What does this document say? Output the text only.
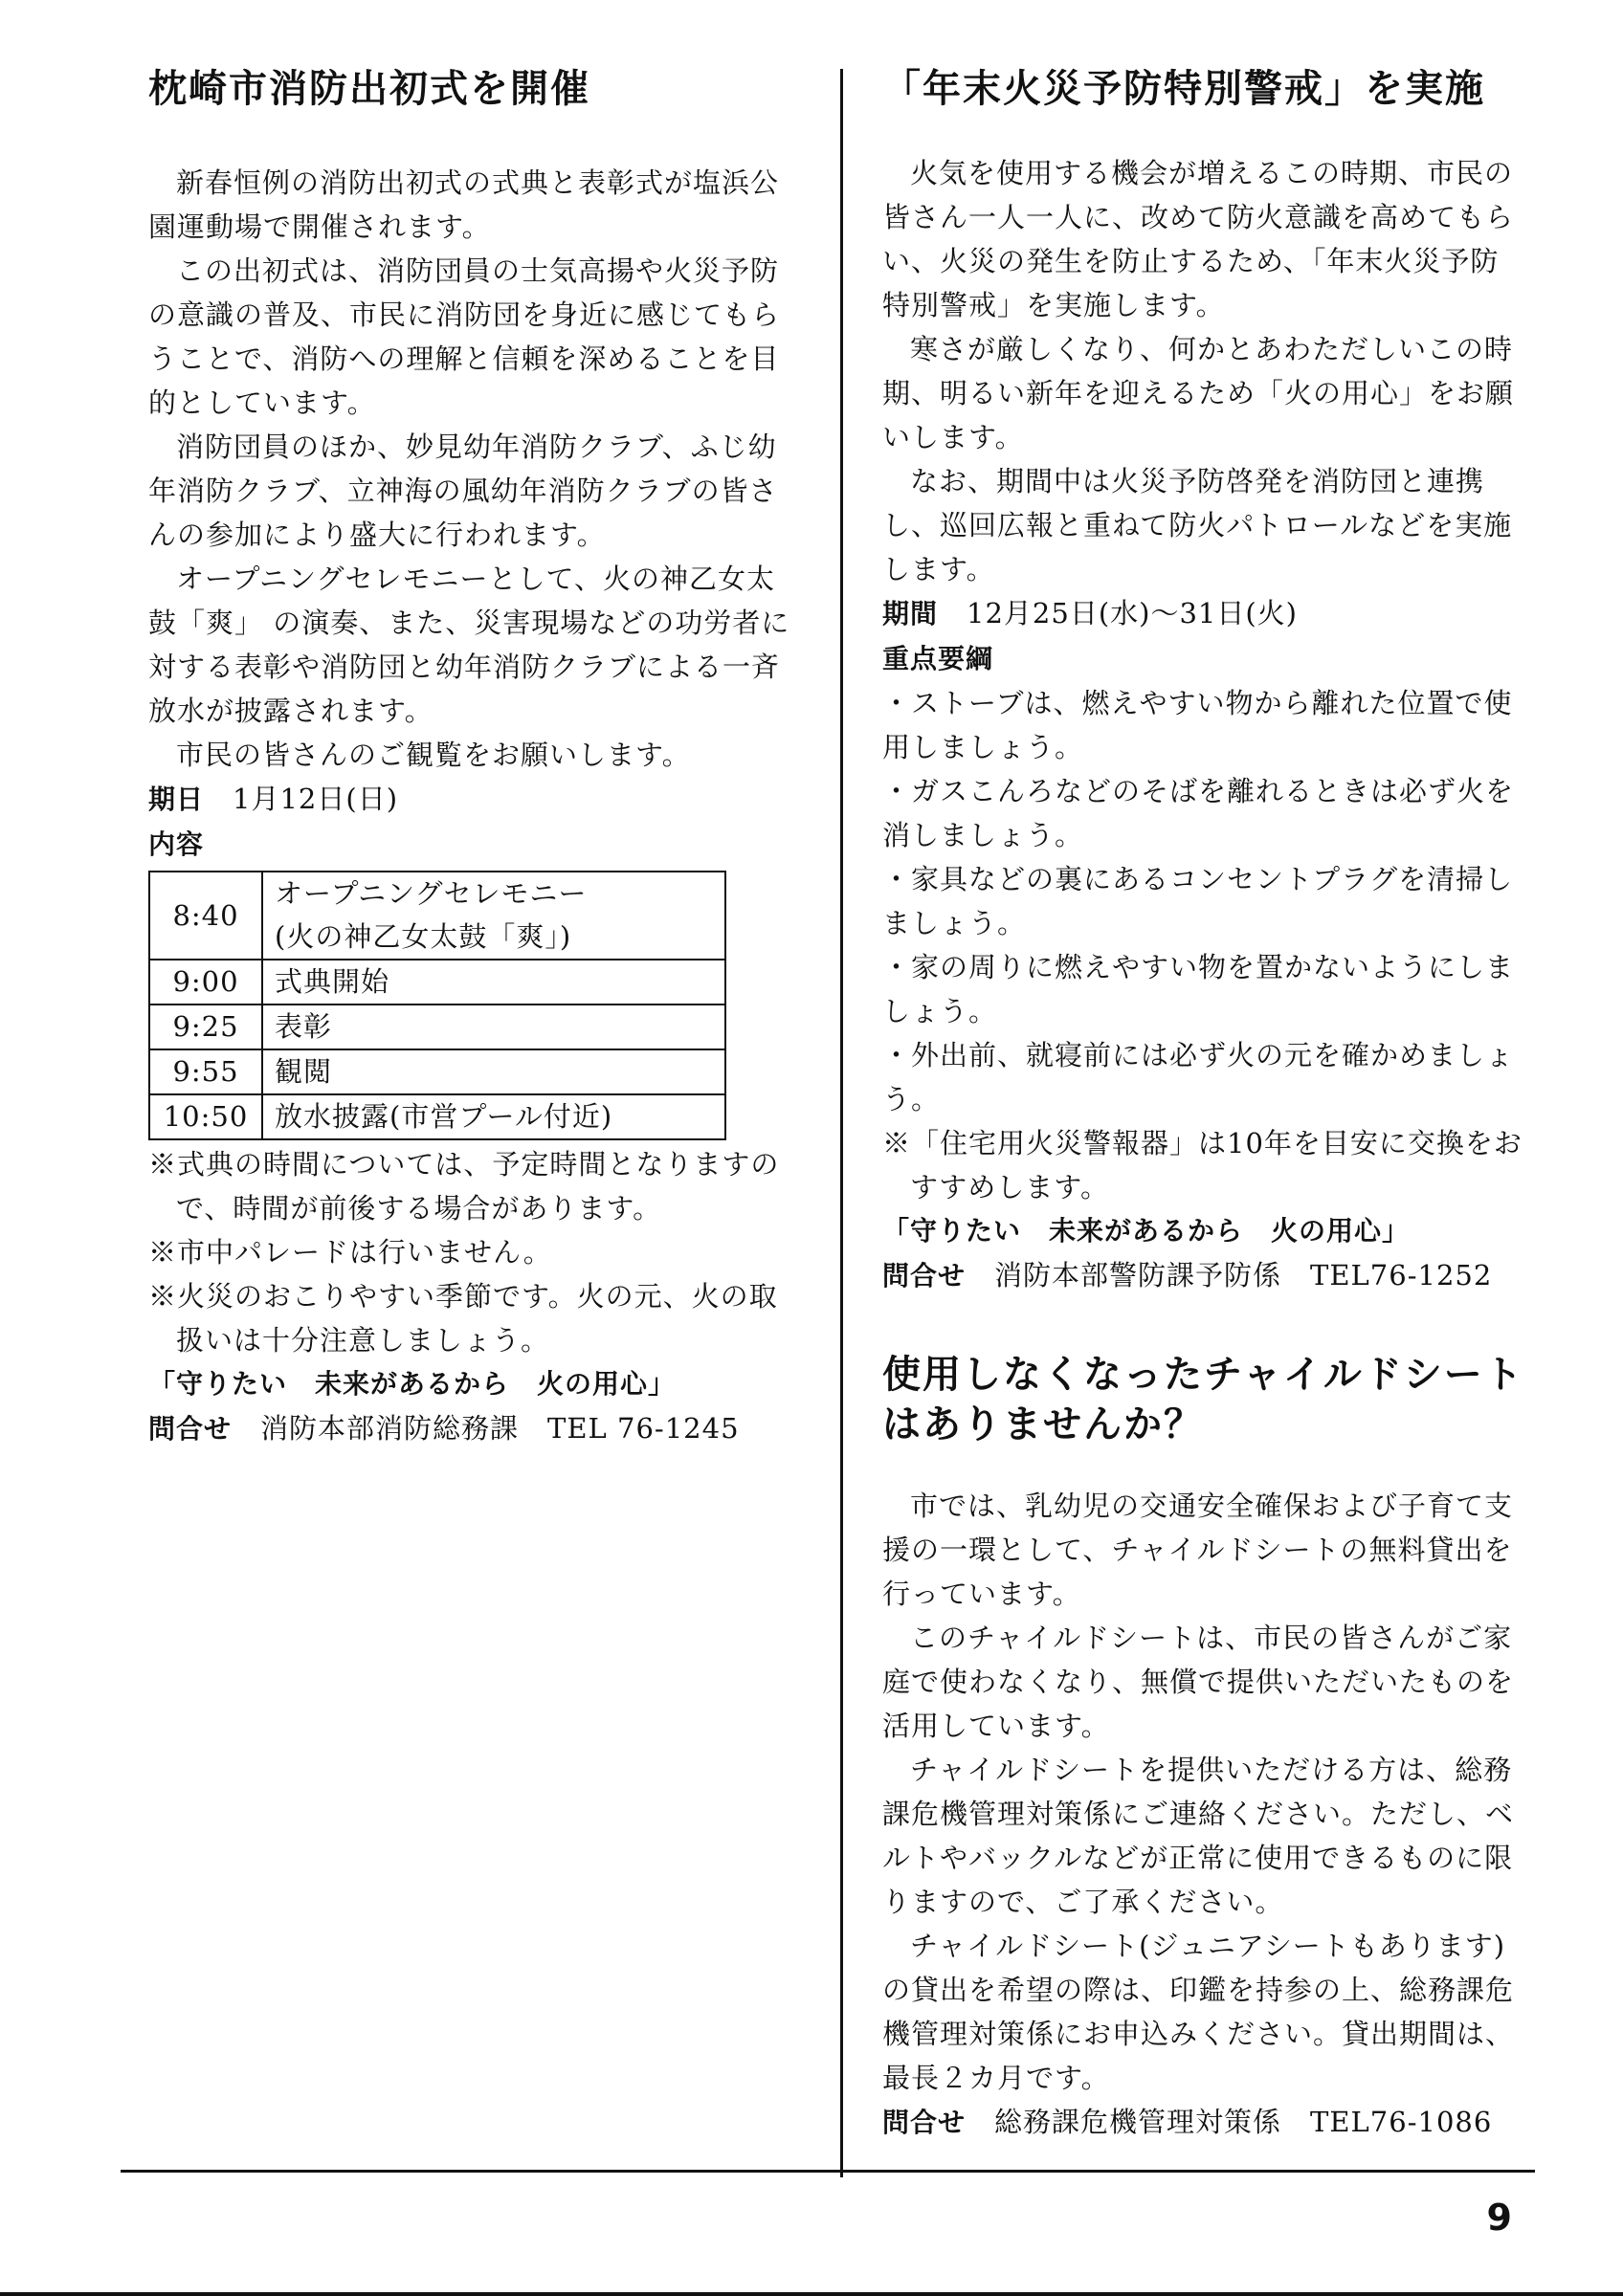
枕崎市消防出初式を開催

新春恒例の消防出初式の式典と表彰式が塩浜公園運動場で開催されます。

この出初式は、消防団員の士気高揚や火災予防の意識の普及、市民に消防団を身近に感じてもらうことで、消防への理解と信頼を深めることを目的としています。

消防団員のほか、妙見幼年消防クラブ、ふじ幼年消防クラブ、立神海の風幼年消防クラブの皆さんの参加により盛大に行われます。

オープニングセレモニーとして、火の神乙女太鼓「爽」 の演奏、また、災害現場などの功労者に対する表彰や消防団と幼年消防クラブによる一斉放水が披露されます。

市民の皆さんのご観覧をお願いします。

期日　 1月12日(日)

内容

8:40	オープニングセレモニー
(火の神乙女太鼓「爽」)

9:00	式典開始
9:25	表彰
9:55	観閲
10:50	放水披露(市営プール付近)

※式典の時間については、予定時間となりますので、時間が前後する場合があります。

※市中パレードは行いません。

※火災のおこりやすい季節です。火の元、火の取扱いは十分注意しましょう。

「守りたい　未来があるから　火の用心」

問合せ　 消防本部消防総務課　TEL 76-1245

「年末火災予防特別警戒」を実施

火気を使用する機会が増えるこの時期、市民の皆さん一人一人に、改めて防火意識を高めてもらい、火災の発生を防止するため、「年末火災予防特別警戒」を実施します。

寒さが厳しくなり、何かとあわただしいこの時期、明るい新年を迎えるため「火の用心」をお願いします。

なお、期間中は火災予防啓発を消防団と連携し、巡回広報と重ねて防火パトロールなどを実施します。

期間　 12月25日(水)～31日(火)

重点要綱

・ストーブは、燃えやすい物から離れた位置で使用しましょう。

・ガスこんろなどのそばを離れるときは必ず火を消しましょう。

・家具などの裏にあるコンセントプラグを清掃しましょう。

・家の周りに燃えやすい物を置かないようにしましょう。

・外出前、就寝前には必ず火の元を確かめましょう。

※「住宅用火災警報器」は10年を目安に交換をおすすめします。

「守りたい　未来があるから　火の用心」

問合せ　 消防本部警防課予防係　TEL76-1252

使用しなくなったチャイルドシート
はありませんか？

市では、乳幼児の交通安全確保および子育て支援の一環として、チャイルドシートの無料貸出を行っています。

このチャイルドシートは、市民の皆さんがご家庭で使わなくなり、無償で提供いただいたものを活用しています。

チャイルドシートを提供いただける方は、総務課危機管理対策係にご連絡ください。ただし、ベルトやバックルなどが正常に使用できるものに限りますので、ご了承ください。

チャイルドシート(ジュニアシートもあります)の貸出を希望の際は、印鑑を持参の上、総務課危機管理対策係にお申込みください。貸出期間は、最長２カ月です。

問合せ　 総務課危機管理対策係　TEL76-1086

9
